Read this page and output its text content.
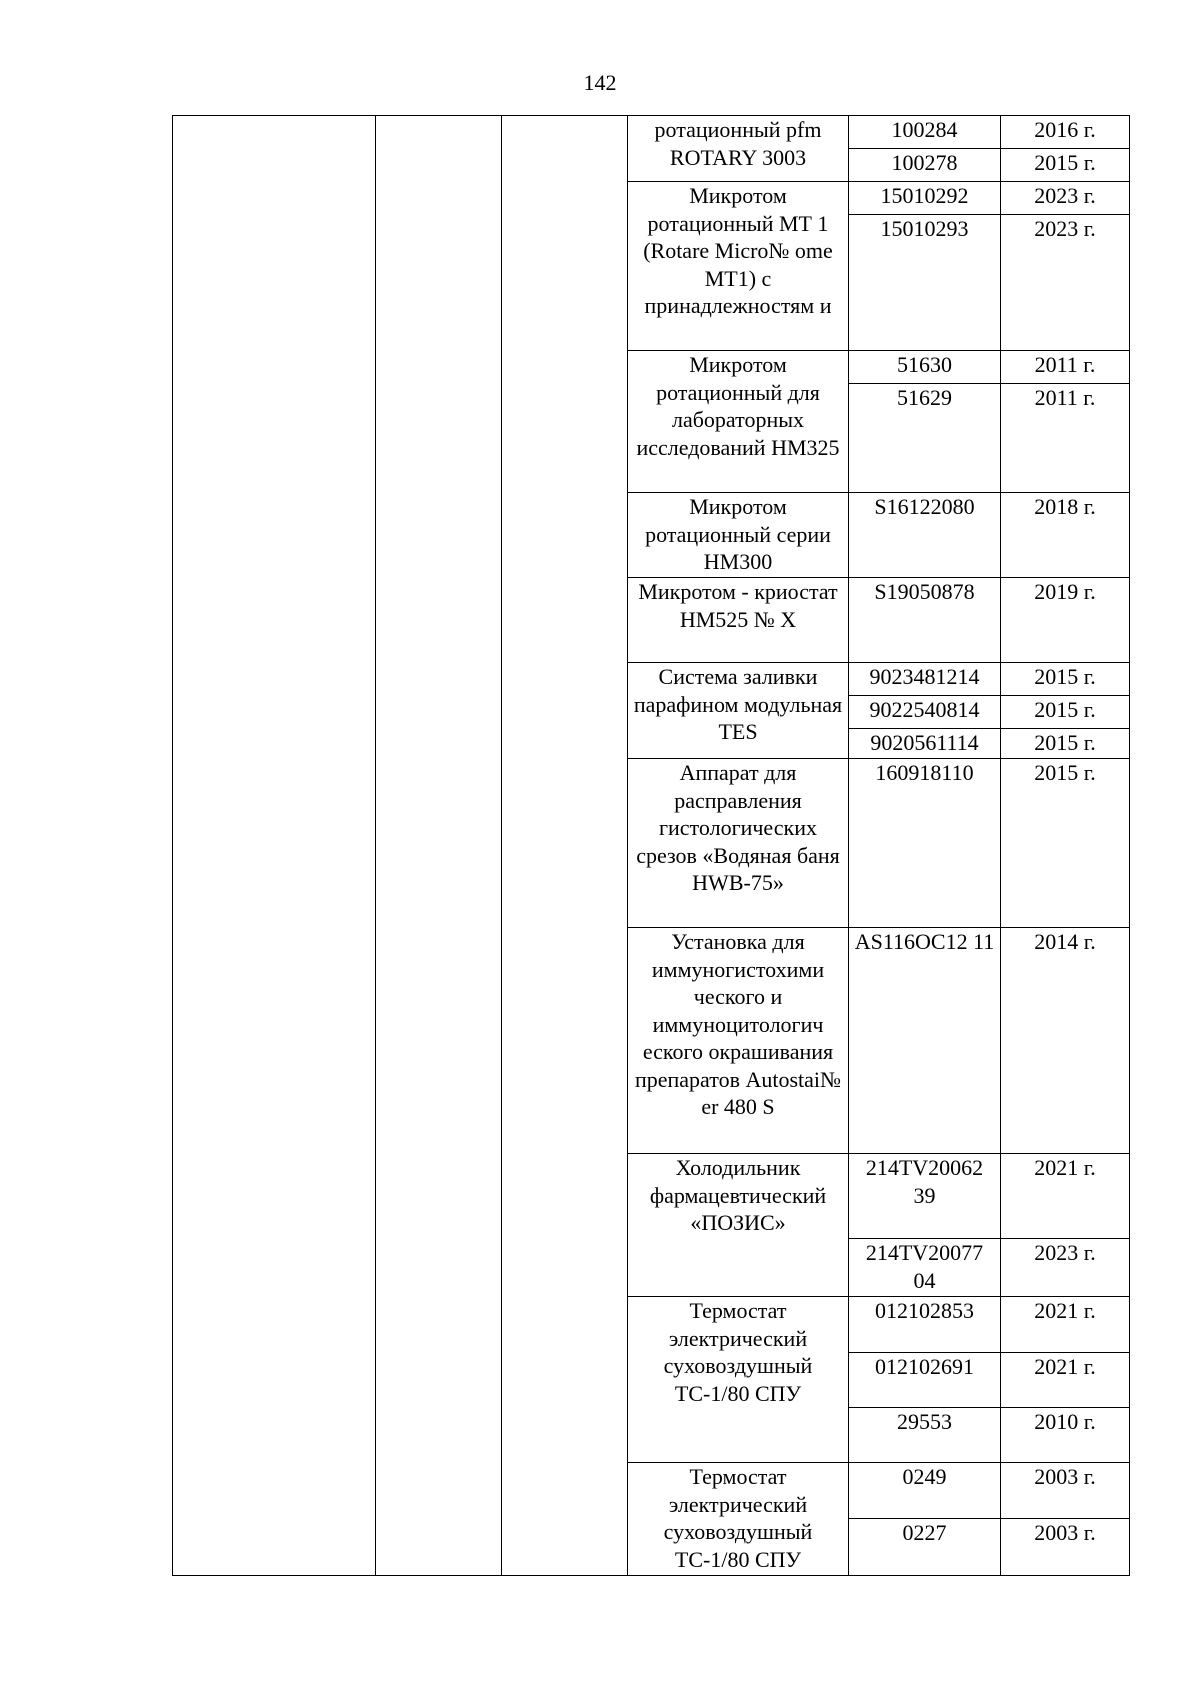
142
			ротационный pfm ROTARY 3003	100284	2016 г.
				100278	2015 г.
			Микротом ротационный МТ 1 (Rotare Micro№ ome MT1) с принадлежностям и	15010292	2023 г.
				15010293	2023 г.
			Микротом ротационный для лабораторных исследований HM325	51630	2011 г.
				51629	2011 г.
			Микротом ротационный серии HM300	S16122080	2018 г.
			Микротом - криостат НМ525 № Х	S19050878	2019 г.
			Система заливки парафином модульная TES	9023481214	2015 г.
				9022540814	2015 г.
				9020561114	2015 г.
			Аппарат для расправления гистологических срезов «Водяная баня HWB-75»	160918110	2015 г.
			Установка для иммуногистохими ческого и иммуноцитологич еского окрашивания препаратов Autostai№ er 480 S	AS116OC12 11	2014 г.
			Холодильник фармацевтический «ПОЗИС»	214TV20062 39	2021 г.
				214TV20077 04	2023 г.
			Термостат электрический суховоздушный ТС-1/80 СПУ	012102853	2021 г.
				012102691	2021 г.
				29553	2010 г.
			Термостат электрический суховоздушный ТС-1/80 СПУ	0249	2003 г.
				0227	2003 г.
